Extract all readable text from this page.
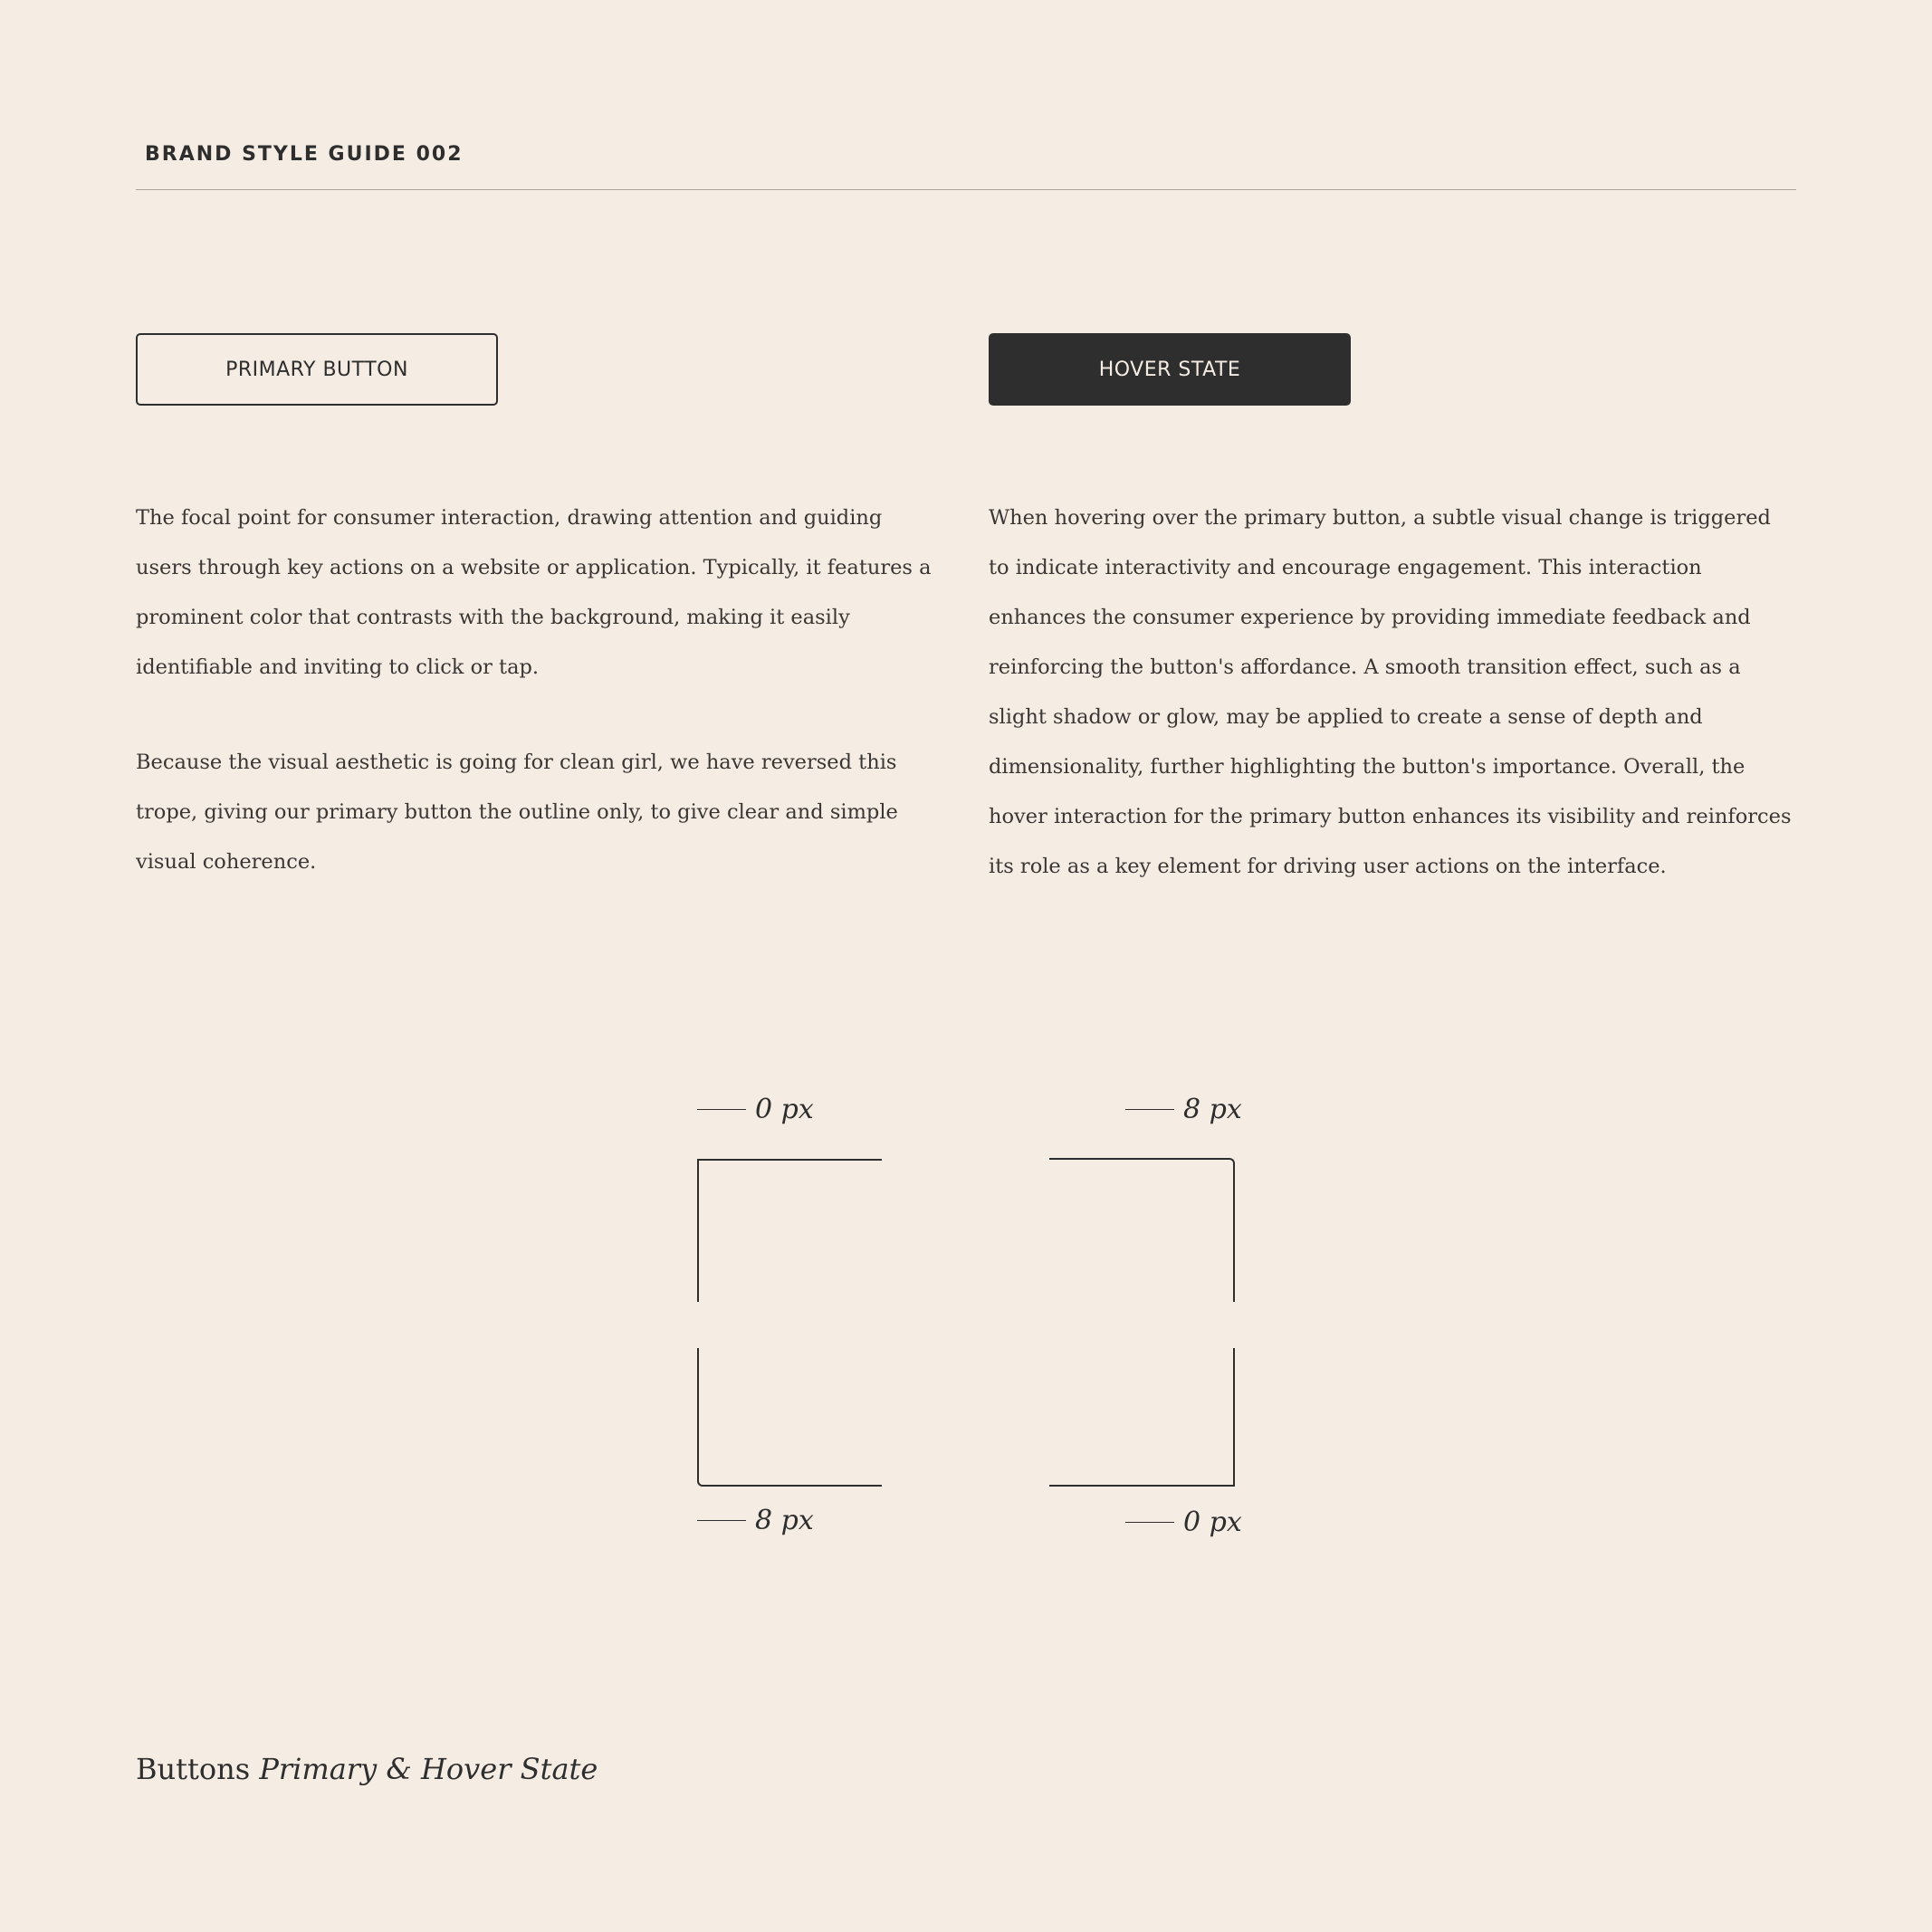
BRAND STYLE GUIDE 002
PRIMARY BUTTON	HOVER STATE

The focal point for consumer interaction, drawing attention and guiding users through key actions on a website or application. Typically, it features a prominent color that contrasts with the background, making it easily identifiable and inviting to click or tap.

Because the visual aesthetic is going for clean girl, we have reversed this trope, giving our primary button the outline only, to give clear and simple visual coherence.

When hovering over the primary button, a subtle visual change is triggered to indicate interactivity and encourage engagement. This interaction enhances the consumer experience by providing immediate feedback and reinforcing the button's affordance. A smooth transition effect, such as a slight shadow or glow, may be applied to create a sense of depth and dimensionality, further highlighting the button's importance. Overall, the hover interaction for the primary button enhances its visibility and reinforces its role as a key element for driving user actions on the interface.

0 px	8 px
8 px	0 px
Buttons Primary & Hover State
